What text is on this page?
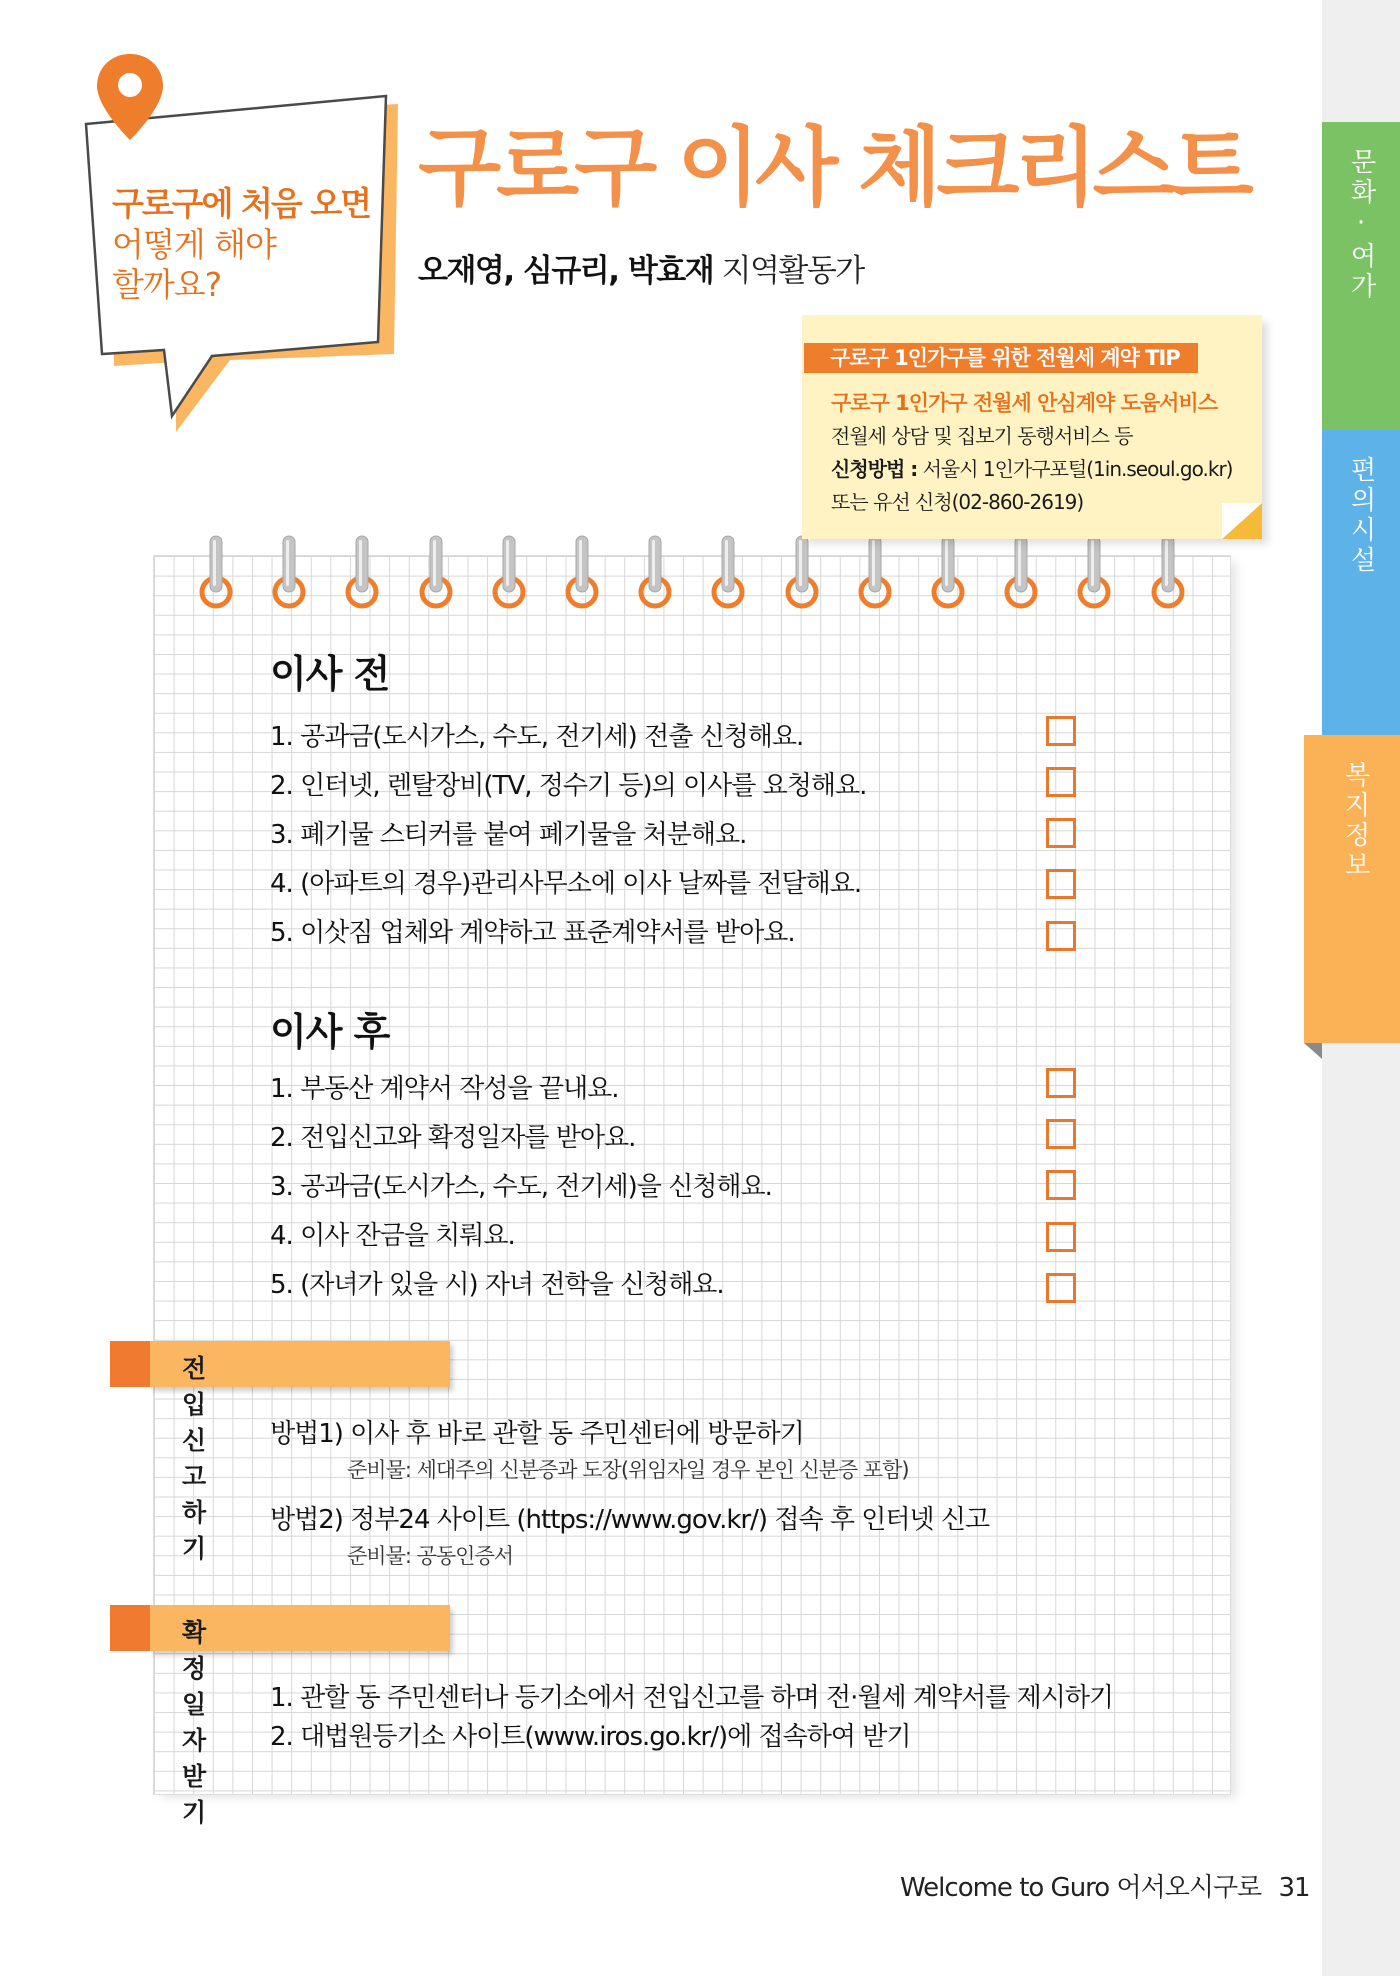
문화·여가
편의시설
복지정보
구로구에 처음 오면
어떻게 해야
할까요?
구로구 이사 체크리스트
오재영, 심규리, 박효재 지역활동가
구로구 1인가구를 위한 전월세 계약 TIP
구로구 1인가구 전월세 안심계약 도움서비스
전월세 상담 및 집보기 동행서비스 등
신청방법 : 서울시 1인가구포털(1in.seoul.go.kr)
또는 유선 신청(02-860-2619)
이사 전
1. 공과금(도시가스, 수도, 전기세) 전출 신청해요.
2. 인터넷, 렌탈장비(TV, 정수기 등)의 이사를 요청해요.
3. 폐기물 스티커를 붙여 폐기물을 처분해요.
4. (아파트의 경우)관리사무소에 이사 날짜를 전달해요.
5. 이삿짐 업체와 계약하고 표준계약서를 받아요.
이사 후
1. 부동산 계약서 작성을 끝내요.
2. 전입신고와 확정일자를 받아요.
3. 공과금(도시가스, 수도, 전기세)을 신청해요.
4. 이사 잔금을 치뤄요.
5. (자녀가 있을 시) 자녀 전학을 신청해요.
전입신고 하기
방법1) 이사 후 바로 관할 동 주민센터에 방문하기
준비물: 세대주의 신분증과 도장(위임자일 경우 본인 신분증 포함)
방법2) 정부24 사이트 (https://www.gov.kr/) 접속 후 인터넷 신고
준비물: 공동인증서
확정일자 받기
1. 관할 동 주민센터나 등기소에서 전입신고를 하며 전·월세 계약서를 제시하기
2. 대법원등기소 사이트(www.iros.go.kr/)에 접속하여 받기
Welcome to Guro 어서오시구로 31
